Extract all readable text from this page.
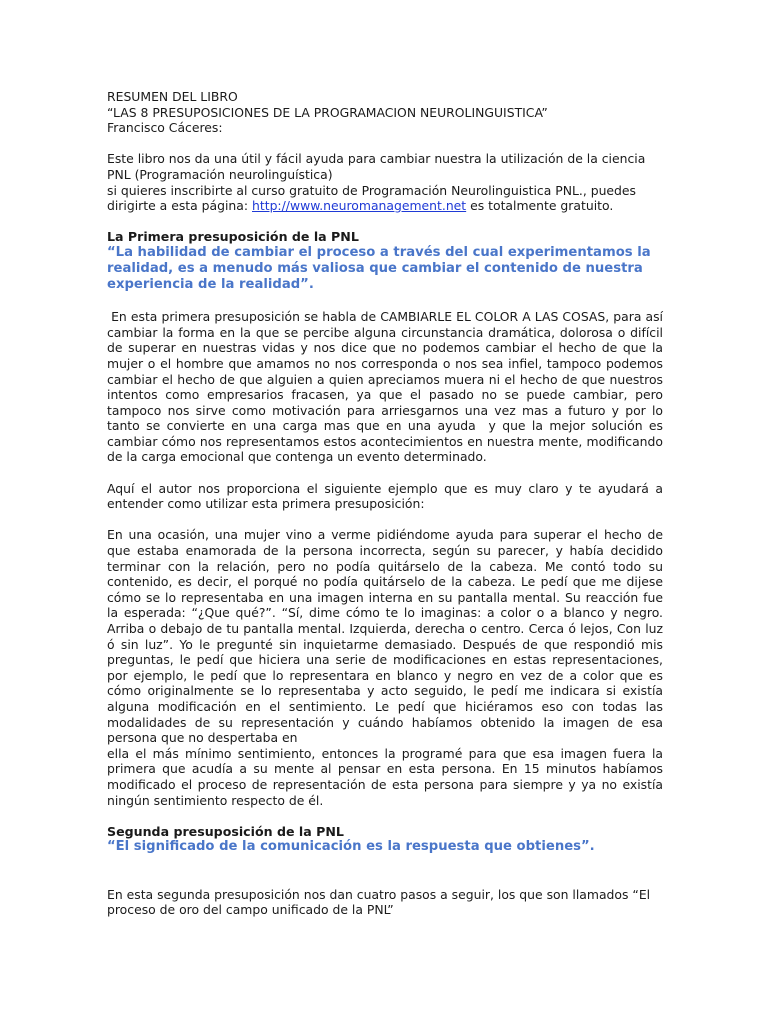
RESUMEN DEL LIBRO
“LAS 8 PRESUPOSICIONES DE LA PROGRAMACION NEUROLINGUISTICA”
Francisco Cáceres:

Este libro nos da una útil y fácil ayuda para cambiar nuestra la utilización de la ciencia PNL (Programación neurolinguística)

si quieres inscribirte al curso gratuito de Programación Neurolinguistica PNL., puedes dirigirte a esta página: http://www.neuromanagement.net es totalmente gratuito.

La Primera presuposición de la PNL
“La habilidad de cambiar el proceso a través del cual experimentamos la realidad, es a menudo más valiosa que cambiar el contenido de nuestra experiencia de la realidad”.

En esta primera presuposición se habla de CAMBIARLE EL COLOR A LAS COSAS, para así cambiar la forma en la que se percibe alguna circunstancia dramática, dolorosa o difícil de superar en nuestras vidas y nos dice que no podemos cambiar el hecho de que la mujer o el hombre que amamos no nos corresponda o nos sea infiel, tampoco podemos cambiar el hecho de que alguien a quien apreciamos muera ni el hecho de que nuestros intentos como empresarios fracasen, ya que el pasado no se puede cambiar, pero tampoco nos sirve como motivación para arriesgarnos una vez mas a futuro y por lo tanto se convierte en una carga mas que en una ayuda  y que la mejor solución es cambiar cómo nos representamos estos acontecimientos en nuestra mente, modificando de la carga emocional que contenga un evento determinado.

Aquí el autor nos proporciona el siguiente ejemplo que es muy claro y te ayudará a entender como utilizar esta primera presuposición:

En una ocasión, una mujer vino a verme pidiéndome ayuda para superar el hecho de que estaba enamorada de la persona incorrecta, según su parecer, y había decidido terminar con la relación, pero no podía quitárselo de la cabeza. Me contó todo su contenido, es decir, el porqué no podía quitárselo de la cabeza. Le pedí que me dijese cómo se lo representaba en una imagen interna en su pantalla mental. Su reacción fue la esperada: “¿Que qué?”. “Sí, dime cómo te lo imaginas: a color o a blanco y negro. Arriba o debajo de tu pantalla mental. Izquierda, derecha o centro. Cerca ó lejos, Con luz ó sin luz”. Yo le pregunté sin inquietarme demasiado. Después de que respondió mis preguntas, le pedí que hiciera una serie de modificaciones en estas representaciones, por ejemplo, le pedí que lo representara en blanco y negro en vez de a color que es cómo originalmente se lo representaba y acto seguido, le pedí me indicara si existía alguna modificación en el sentimiento. Le pedí que hiciéramos eso con todas las modalidades de su representación y cuándo habíamos obtenido la imagen de esa persona que no despertaba en

ella el más mínimo sentimiento, entonces la programé para que esa imagen fuera la primera que acudía a su mente al pensar en esta persona. En 15 minutos habíamos modificado el proceso de representación de esta persona para siempre y ya no existía ningún sentimiento respecto de él.

Segunda presuposición de la PNL
“El significado de la comunicación es la respuesta que obtienes”.

En esta segunda presuposición nos dan cuatro pasos a seguir, los que son llamados “El proceso de oro del campo unificado de la PNL”
